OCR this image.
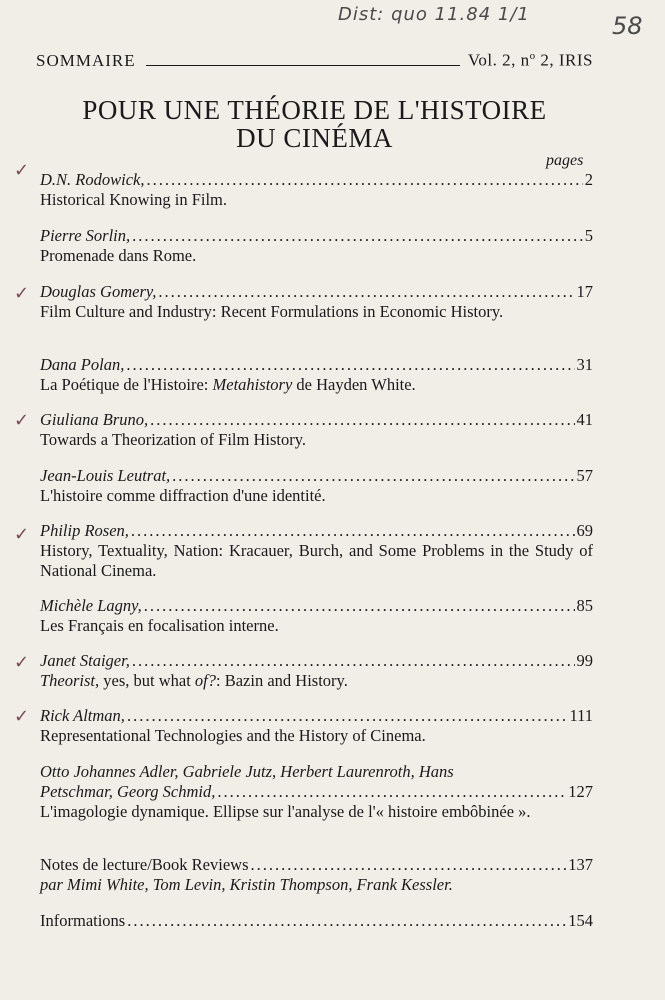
Dist: quo 11.84 1/1	58
SOMMAIRE	Vol. 2, $n^o$ 2, IRIS
POUR UNE THÉORIE DE L'HISTOIRE
DU CINÉMA
pages
✓
✓
✓
✓
✓
✓
D.N. Rodowick, .....	2
Historical Knowing in Film.
Pierre Sorlin, .....	5
Promenade dans Rome.
Douglas Gomery, .....	17
Film Culture and Industry: Recent Formulations in Economic History.
Dana Polan, .....	31
La Poétique de l'Histoire: Metahistory de Hayden White.
Giuliana Bruno, .....	41
Towards a Theorization of Film History.
Jean-Louis Leutrat, .....	57
L'histoire comme diffraction d'une identité.
Philip Rosen, .....	69
History, Textuality, Nation: Kracauer, Burch, and Some Problems in the Study of National Cinema.
Michèle Lagny, .....	85
Les Français en focalisation interne.
Janet Staiger, .....	99
Theorist, yes, but what of?: Bazin and History.
Rick Altman, .....	111
Representational Technologies and the History of Cinema.
Otto Johannes Adler, Gabriele Jutz, Herbert Laurenroth, Hans
Petschmar, Georg Schmid, .....	127
L'imagologie dynamique. Ellipse sur l'analyse de l'« histoire embôbinée ».
Notes de lecture/Book Reviews .....	137
par Mimi White, Tom Levin, Kristin Thompson, Frank Kessler.
Informations .....	154
